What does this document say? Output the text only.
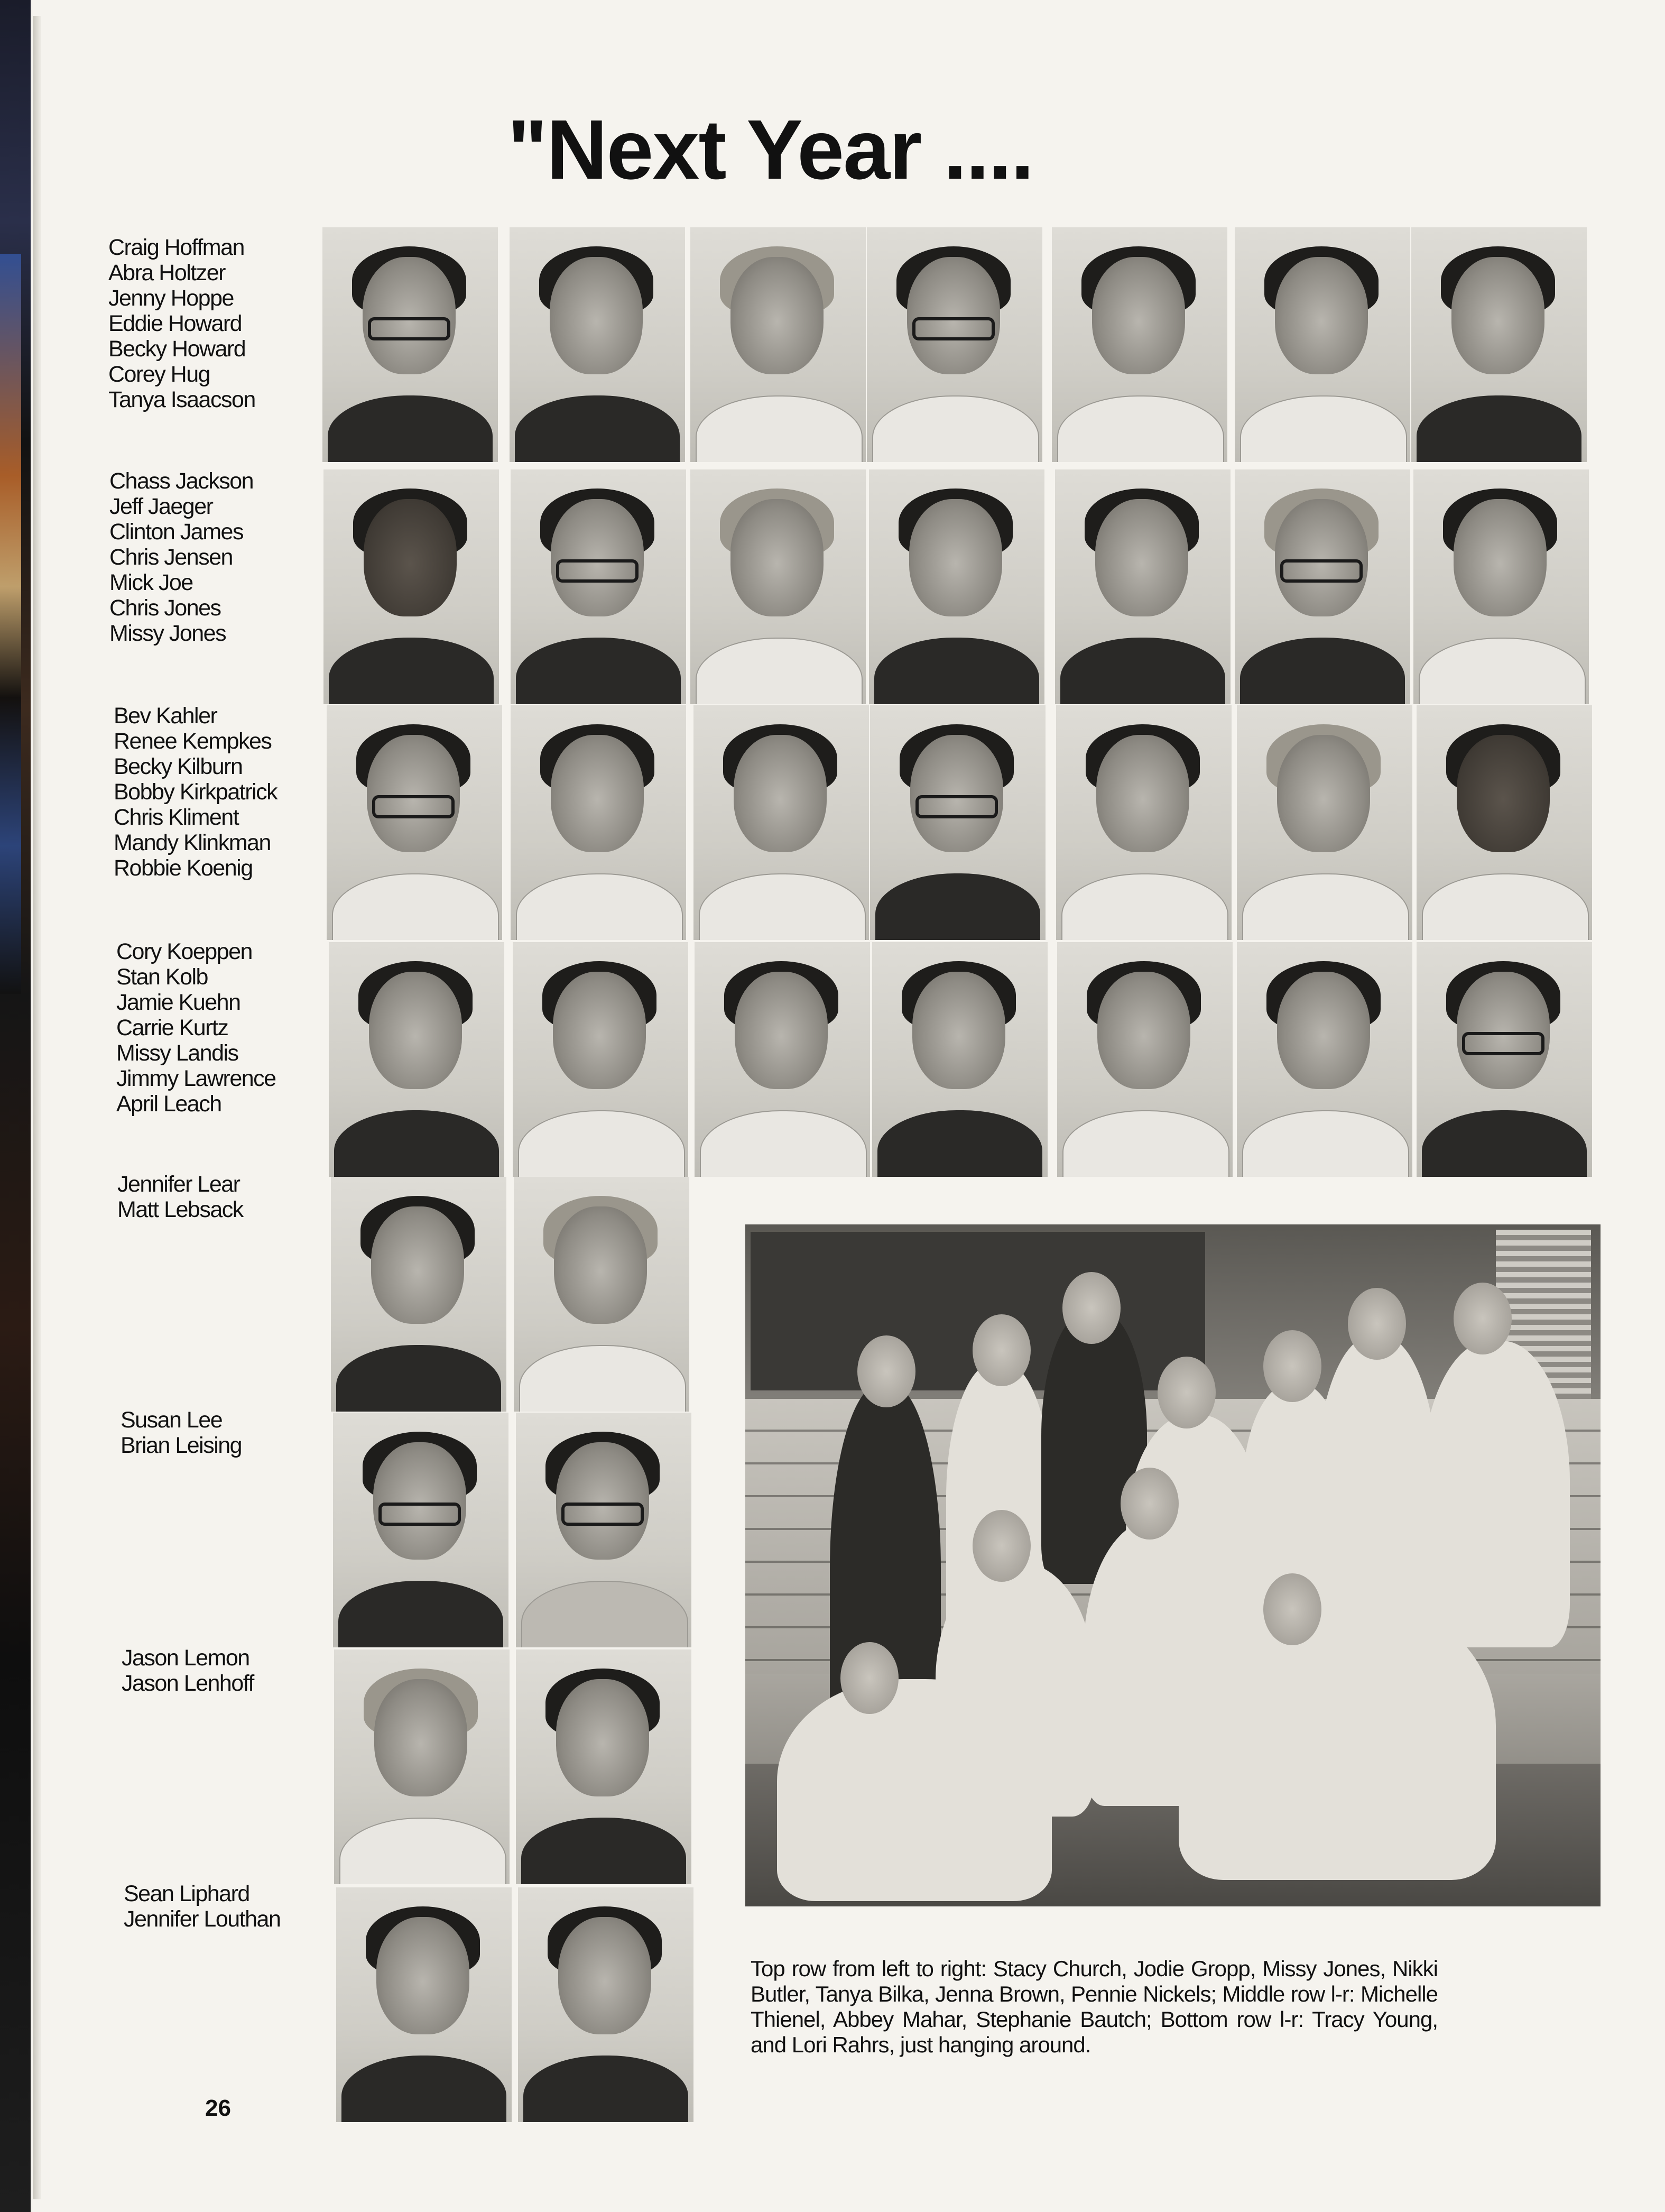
"Next Year ....
Craig Hoffman
Abra Holtzer
Jenny Hoppe
Eddie Howard
Becky Howard
Corey Hug
Tanya Isaacson
Chass Jackson
Jeff Jaeger
Clinton James
Chris Jensen
Mick Joe
Chris Jones
Missy Jones
Bev Kahler
Renee Kempkes
Becky Kilburn
Bobby Kirkpatrick
Chris Kliment
Mandy Klinkman
Robbie Koenig
Cory Koeppen
Stan Kolb
Jamie Kuehn
Carrie Kurtz
Missy Landis
Jimmy Lawrence
April Leach
Jennifer Lear
Matt Lebsack
Susan Lee
Brian Leising
Jason Lemon
Jason Lenhoff
Sean Liphard
Jennifer Louthan

Top row from left to right: Stacy Church, Jodie Gropp, Missy Jones, Nikki Butler, Tanya Bilka, Jenna Brown, Pennie Nickels; Middle row l-r: Michelle Thienel, Abbey Mahar, Stephanie Bautch; Bottom row l-r: Tracy Young, and Lori Rahrs, just hanging around.

26
